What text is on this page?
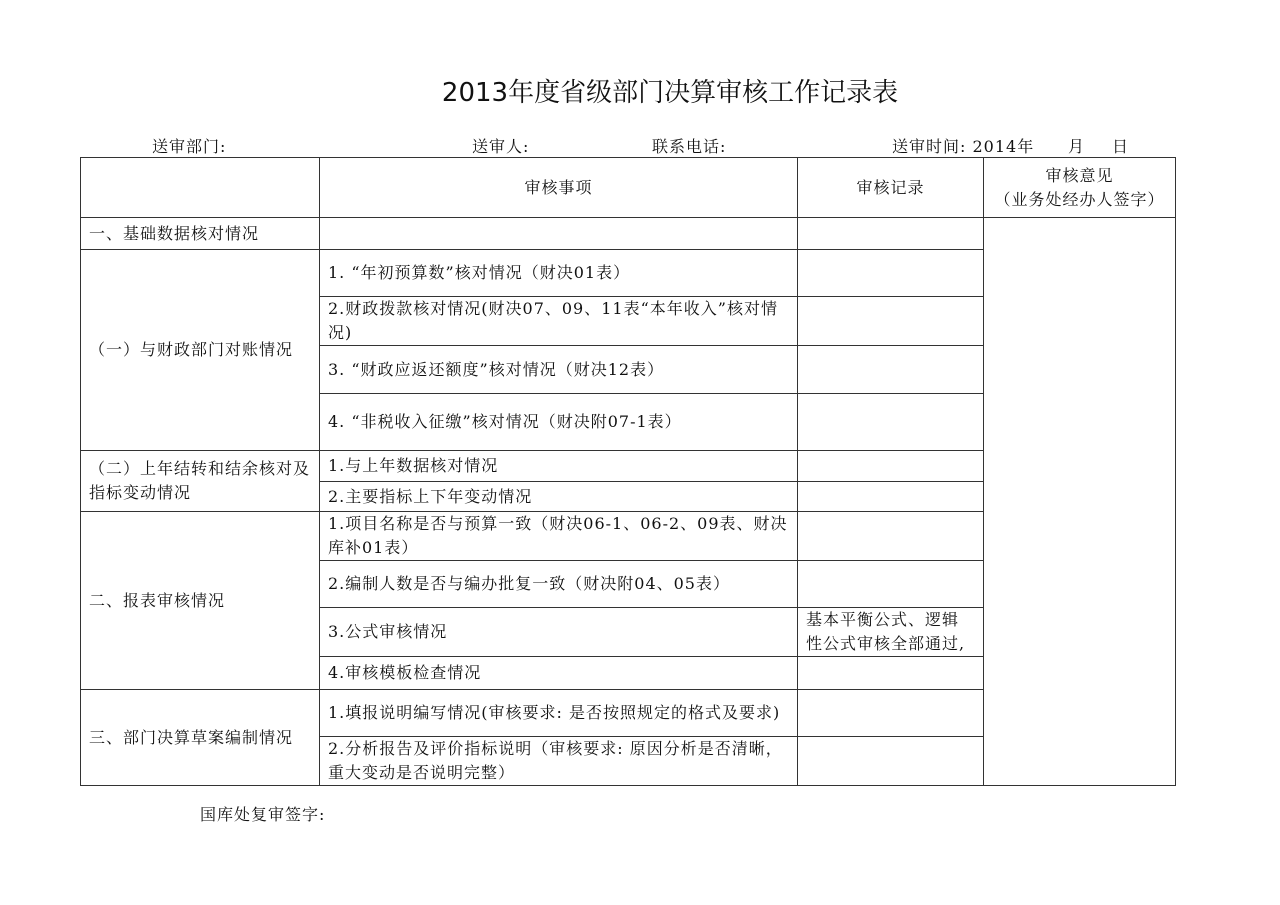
2013年度省级部门决算审核工作记录表
送审部门:	送审人:	联系电话:	送审时间: 2014年 月 日
	审核事项	审核记录	审核意见
（业务处经办人签字）

一、基础数据核对情况			
（一）与财政部门对账情况	1. “年初预算数”核对情况（财决01表）		
	2.财政拨款核对情况(财决07、09、11表“本年收入”核对情况)		
	3. “财政应返还额度”核对情况（财决12表）		
	4. “非税收入征缴”核对情况（财决附07-1表）		
（二）上年结转和结余核对及指标变动情况	1.与上年数据核对情况		
	2.主要指标上下年变动情况		
二、报表审核情况	1.项目名称是否与预算一致（财决06-1、06-2、09表、财决库补01表）		
	2.编制人数是否与编办批复一致（财决附04、05表）		
	3.公式审核情况	基本平衡公式、逻辑性公式审核全部通过,	
	4.审核模板检查情况		
三、部门决算草案编制情况	1.填报说明编写情况(审核要求: 是否按照规定的格式及要求)		
	2.分析报告及评价指标说明（审核要求: 原因分析是否清晰，重大变动是否说明完整）		
国库处复审签字:
